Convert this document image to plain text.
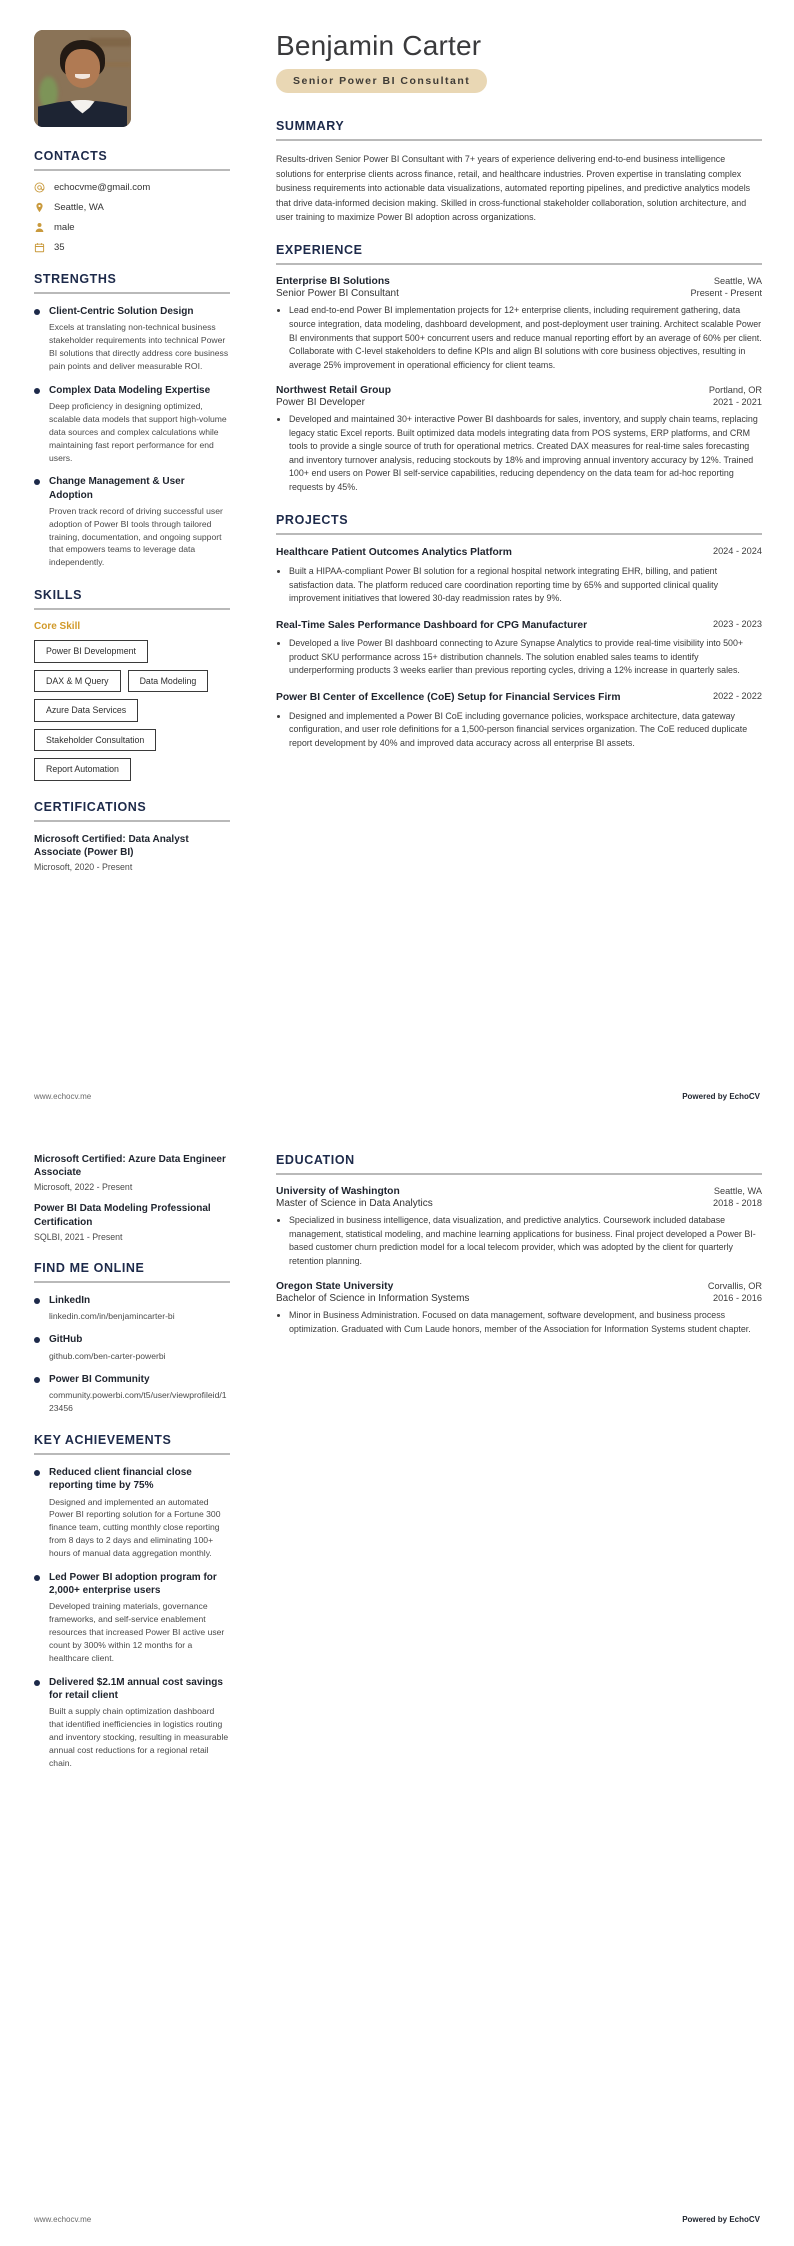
CONTACTS
echocvme@gmail.com
Seattle, WA
male
35
STRENGTHS
Client-Centric Solution Design
Excels at translating non-technical business stakeholder requirements into technical Power BI solutions that directly address core business pain points and deliver measurable ROI.
Complex Data Modeling Expertise
Deep proficiency in designing optimized, scalable data models that support high-volume data sources and complex calculations while maintaining fast report performance for end users.
Change Management & User Adoption
Proven track record of driving successful user adoption of Power BI tools through tailored training, documentation, and ongoing support that empowers teams to leverage data independently.
SKILLS
Core Skill
Power BI Development
DAX & M Query	Data Modeling
Azure Data Services
Stakeholder Consultation
Report Automation
CERTIFICATIONS
Microsoft Certified: Data Analyst Associate (Power BI)
Microsoft, 2020 - Present
Benjamin Carter
Senior Power BI Consultant
SUMMARY
Results-driven Senior Power BI Consultant with 7+ years of experience delivering end-to-end business intelligence solutions for enterprise clients across finance, retail, and healthcare industries. Proven expertise in translating complex business requirements into actionable data visualizations, automated reporting pipelines, and predictive analytics models that drive data-informed decision making. Skilled in cross-functional stakeholder collaboration, solution architecture, and user training to maximize Power BI adoption across organizations.
EXPERIENCE
Enterprise BI Solutions	Seattle, WA
Senior Power BI Consultant	Present - Present
• Lead end-to-end Power BI implementation projects for 12+ enterprise clients, including requirement gathering, data source integration, data modeling, dashboard development, and post-deployment user training. Architect scalable Power BI environments that support 500+ concurrent users and reduce manual reporting effort by an average of 60% per client. Collaborate with C-level stakeholders to define KPIs and align BI solutions with core business objectives, resulting in average 25% improvement in operational efficiency for client teams.
Northwest Retail Group	Portland, OR
Power BI Developer	2021 - 2021
• Developed and maintained 30+ interactive Power BI dashboards for sales, inventory, and supply chain teams, replacing legacy static Excel reports. Built optimized data models integrating data from POS systems, ERP platforms, and CRM tools to provide a single source of truth for operational metrics. Created DAX measures for real-time sales forecasting and inventory turnover analysis, reducing stockouts by 18% and improving annual inventory accuracy by 12%. Trained 100+ end users on Power BI self-service capabilities, reducing dependency on the data team for ad-hoc reporting requests by 45%.
PROJECTS
Healthcare Patient Outcomes Analytics Platform	2024 - 2024
• Built a HIPAA-compliant Power BI solution for a regional hospital network integrating EHR, billing, and patient satisfaction data. The platform reduced care coordination reporting time by 65% and supported clinical quality improvement initiatives that lowered 30-day readmission rates by 9%.
Real-Time Sales Performance Dashboard for CPG Manufacturer	2023 - 2023
• Developed a live Power BI dashboard connecting to Azure Synapse Analytics to provide real-time visibility into 500+ product SKU performance across 15+ distribution channels. The solution enabled sales teams to identify underperforming products 3 weeks earlier than previous reporting cycles, driving a 12% increase in quarterly sales.
Power BI Center of Excellence (CoE) Setup for Financial Services Firm	2022 - 2022
• Designed and implemented a Power BI CoE including governance policies, workspace architecture, data gateway configuration, and user role definitions for a 1,500-person financial services organization. The CoE reduced duplicate report development by 40% and improved data accuracy across all enterprise BI assets.
www.echocv.me	Powered by EchoCV
Microsoft Certified: Azure Data Engineer Associate
Microsoft, 2022 - Present
Power BI Data Modeling Professional Certification
SQLBI, 2021 - Present
FIND ME ONLINE
LinkedIn
linkedin.com/in/benjamincarter-bi
GitHub
github.com/ben-carter-powerbi
Power BI Community
community.powerbi.com/t5/user/viewprofileid/123456
KEY ACHIEVEMENTS
Reduced client financial close reporting time by 75%
Designed and implemented an automated Power BI reporting solution for a Fortune 300 finance team, cutting monthly close reporting from 8 days to 2 days and eliminating 100+ hours of manual data aggregation monthly.
Led Power BI adoption program for 2,000+ enterprise users
Developed training materials, governance frameworks, and self-service enablement resources that increased Power BI active user count by 300% within 12 months for a healthcare client.
Delivered $2.1M annual cost savings for retail client
Built a supply chain optimization dashboard that identified inefficiencies in logistics routing and inventory stocking, resulting in measurable annual cost reductions for a regional retail chain.
EDUCATION
University of Washington	Seattle, WA
Master of Science in Data Analytics	2018 - 2018
• Specialized in business intelligence, data visualization, and predictive analytics. Coursework included database management, statistical modeling, and machine learning applications for business. Final project developed a Power BI-based customer churn prediction model for a local telecom provider, which was adopted by the client for quarterly retention planning.
Oregon State University	Corvallis, OR
Bachelor of Science in Information Systems	2016 - 2016
• Minor in Business Administration. Focused on data management, software development, and business process optimization. Graduated with Cum Laude honors, member of the Association for Information Systems student chapter.
www.echocv.me	Powered by EchoCV
